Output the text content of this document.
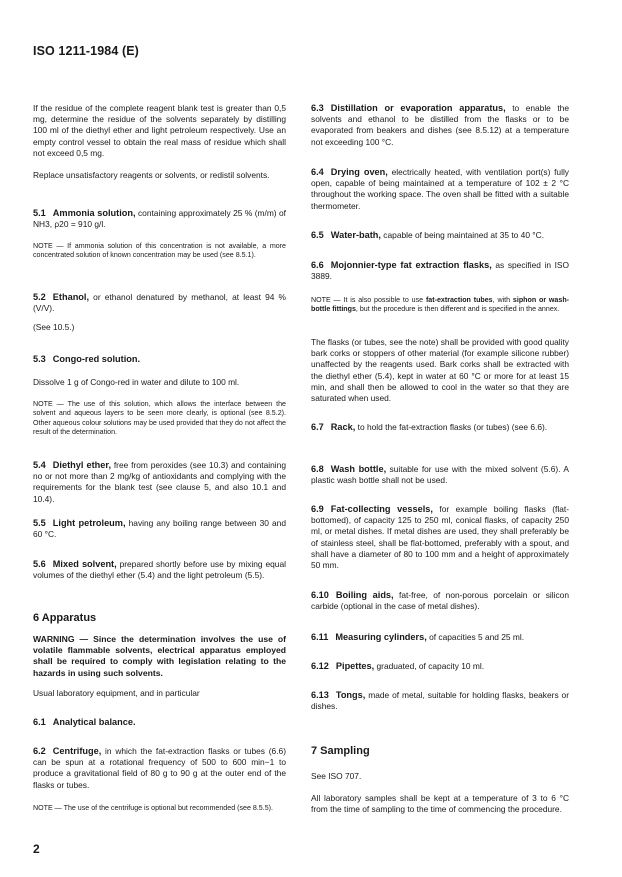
ISO 1211-1984 (E)

If the residue of the complete reagent blank test is greater than 0,5 mg, determine the residue of the solvents separately by distilling 100 ml of the diethyl ether and light petroleum respectively. Use an empty control vessel to obtain the real mass of residue which shall not exceed 0,5 mg.

Replace unsatisfactory reagents or solvents, or redistil solvents.

5.1 Ammonia solution, containing approximately 25 % (m/m) of NH3, ρ20 = 910 g/l.

NOTE — If ammonia solution of this concentration is not available, a more concentrated solution of known concentration may be used (see 8.5.1).

5.2 Ethanol, or ethanol denatured by methanol, at least 94 % (V/V).

(See 10.5.)

5.3 Congo-red solution.

Dissolve 1 g of Congo-red in water and dilute to 100 ml.

NOTE — The use of this solution, which allows the interface between the solvent and aqueous layers to be seen more clearly, is optional (see 8.5.2). Other aqueous colour solutions may be used provided that they do not affect the result of the determination.

5.4 Diethyl ether, free from peroxides (see 10.3) and containing no or not more than 2 mg/kg of antioxidants and complying with the requirements for the blank test (see clause 5, and also 10.1 and 10.4).

5.5 Light petroleum, having any boiling range between 30 and 60 °C.

5.6 Mixed solvent, prepared shortly before use by mixing equal volumes of the diethyl ether (5.4) and the light petroleum (5.5).

6 Apparatus

WARNING — Since the determination involves the use of volatile flammable solvents, electrical apparatus employed shall be required to comply with legislation relating to the hazards in using such solvents.

Usual laboratory equipment, and in particular

6.1 Analytical balance.

6.2 Centrifuge, in which the fat-extraction flasks or tubes (6.6) can be spun at a rotational frequency of 500 to 600 min−1 to produce a gravitational field of 80 g to 90 g at the outer end of the flasks or tubes.

NOTE — The use of the centrifuge is optional but recommended (see 8.5.5).

6.3 Distillation or evaporation apparatus, to enable the solvents and ethanol to be distilled from the flasks or to be evaporated from beakers and dishes (see 8.5.12) at a temperature not exceeding 100 °C.

6.4 Drying oven, electrically heated, with ventilation port(s) fully open, capable of being maintained at a temperature of 102 ± 2 °C throughout the working space. The oven shall be fitted with a suitable thermometer.

6.5 Water-bath, capable of being maintained at 35 to 40 °C.

6.6 Mojonnier-type fat extraction flasks, as specified in ISO 3889.

NOTE — It is also possible to use fat-extraction tubes, with siphon or wash-bottle fittings, but the procedure is then different and is specified in the annex.

The flasks (or tubes, see the note) shall be provided with good quality bark corks or stoppers of other material (for example silicone rubber) unaffected by the reagents used. Bark corks shall be extracted with the diethyl ether (5.4), kept in water at 60 °C or more for at least 15 min, and shall then be allowed to cool in the water so that they are saturated when used.

6.7 Rack, to hold the fat-extraction flasks (or tubes) (see 6.6).

6.8 Wash bottle, suitable for use with the mixed solvent (5.6). A plastic wash bottle shall not be used.

6.9 Fat-collecting vessels, for example boiling flasks (flat-bottomed), of capacity 125 to 250 ml, conical flasks, of capacity 250 ml, or metal dishes. If metal dishes are used, they shall preferably be of stainless steel, shall be flat-bottomed, preferably with a spout, and shall have a diameter of 80 to 100 mm and a height of approximately 50 mm.

6.10 Boiling aids, fat-free, of non-porous porcelain or silicon carbide (optional in the case of metal dishes).

6.11 Measuring cylinders, of capacities 5 and 25 ml.

6.12 Pipettes, graduated, of capacity 10 ml.

6.13 Tongs, made of metal, suitable for holding flasks, beakers or dishes.

7 Sampling

See ISO 707.

All laboratory samples shall be kept at a temperature of 3 to 6 °C from the time of sampling to the time of commencing the procedure.

2
